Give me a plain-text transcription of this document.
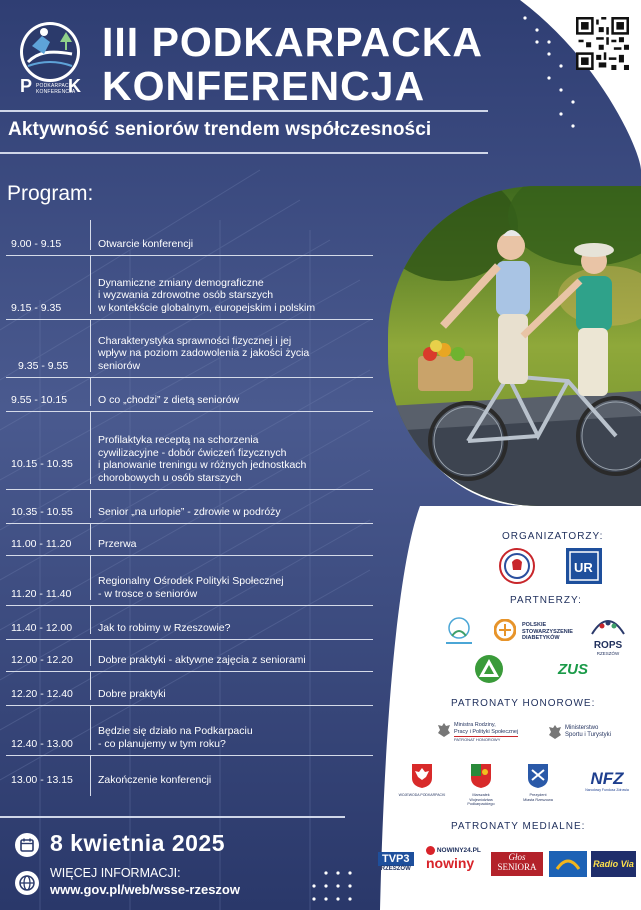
P K
PODKARPACKA
KONFERENCJA
III PODKARPACKA
KONFERENCJA
Aktywność seniorów trendem współczesności
Program:
9.00 - 9.15	Otwarcie konferencji
9.15 - 9.35
Dynamiczne zmiany demograficzne
i wyzwania zdrowotne osób starszych
w kontekście globalnym, europejskim i polskim
9.35 - 9.55
Charakterystyka sprawności fizycznej i jej
wpływ na poziom zadowolenia z jakości życia
seniorów
9.55 - 10.15	O co „chodzi” z dietą seniorów
10.15 - 10.35
Profilaktyka receptą na schorzenia
cywilizacyjne - dobór ćwiczeń fizycznych
i planowanie treningu w różnych jednostkach
chorobowych u osób starszych
10.35 - 10.55 Senior „na urlopie” - zdrowie w podróży
11.00 - 11.20	Przerwa
11.20 - 11.40
Regionalny Ośrodek Polityki Społecznej
- w trosce o seniorów
11.40 - 12.00 Jak to robimy w Rzeszowie?
12.00 - 12.20 Dobre praktyki - aktywne zajęcia z seniorami
12.20 - 12.40 Dobre praktyki
12.40 - 13.00
Będzie się działo na Podkarpaciu
- co planujemy w tym roku?
13.00 - 13.15 Zakończenie konferencji
ORGANIZATORZY:
UR
PARTNERZY:
POLSKIE
STOWARZYSZENIE
DIABETYKÓW
ROPS
RZESZÓW
ZUS
PATRONATY HONOROWE:
Ministra Rodziny,
Pracy i Polityki Społecznej
PATRONAT HONOROWY
Ministerstwo
Sportu i Turystyki
WOJEWODA PODKARPACKI	Marszałek
Województwa
Podkarpackiego
Prezydent
Miasta Rzeszowa
NFZ
Narodowy Fundusz Zdrowia
PATRONATY MEDIALNE:
TVP3
RZESZÓW
NOWINY24.PL
nowiny	Głos
SENIORA	Radio Via
8 kwietnia 2025
WIĘCEJ INFORMACJI:
www.gov.pl/web/wsse-rzeszow
